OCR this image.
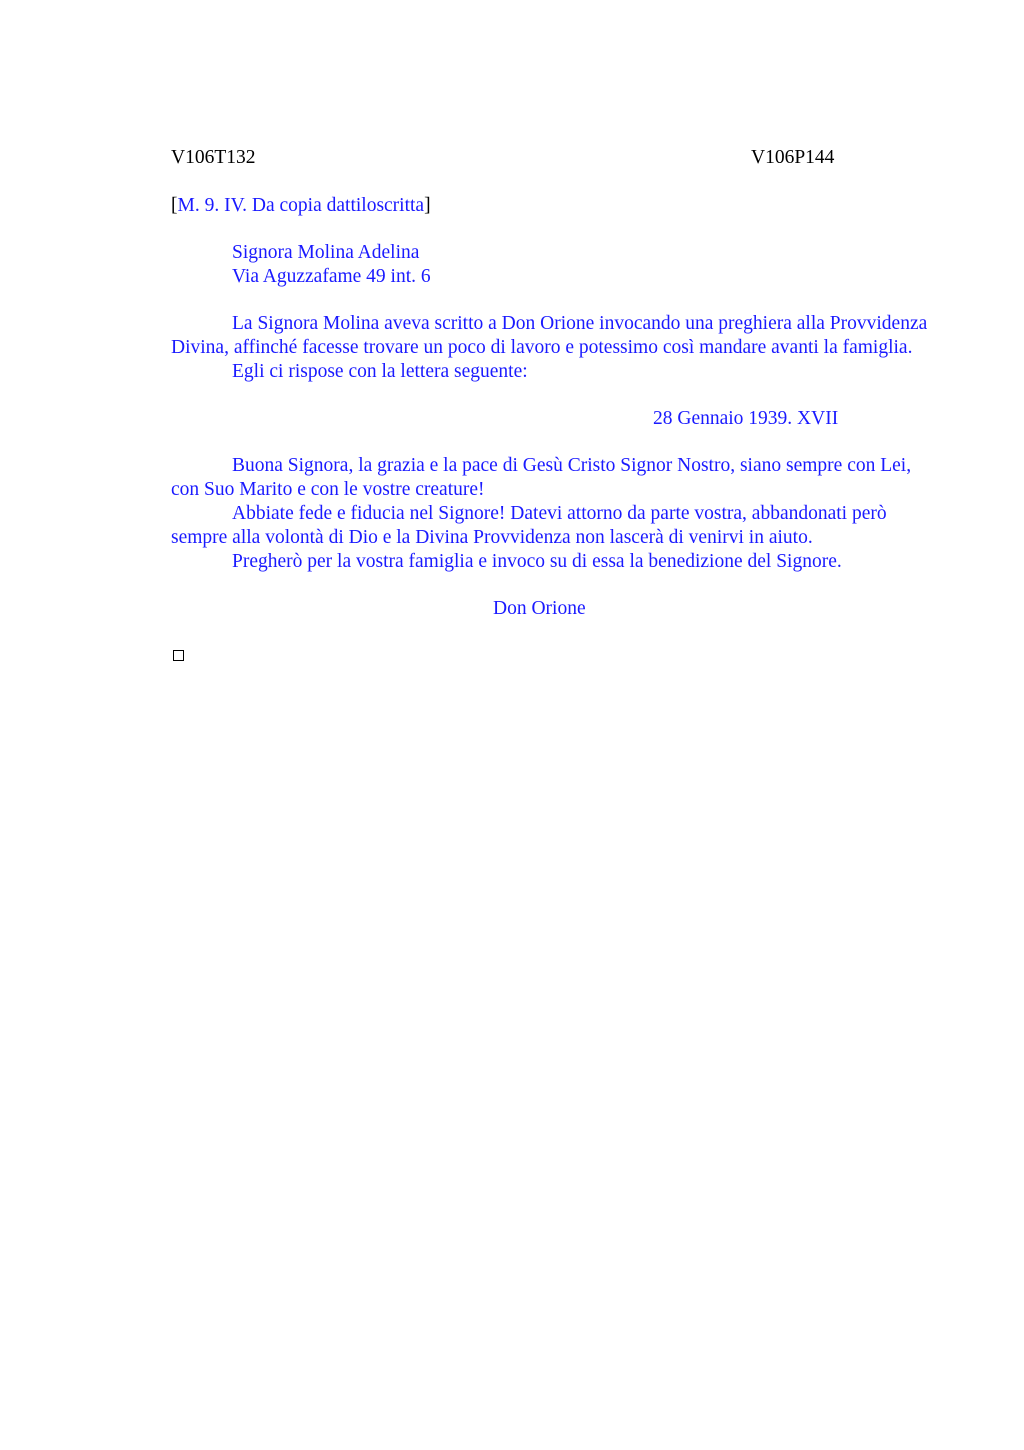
V106T132	V106P144
[M. 9. IV. Da copia dattiloscritta]
Signora Molina Adelina
Via Aguzzafame 49 int. 6

La Signora Molina aveva scritto a Don Orione invocando una preghiera alla Provvidenza Divina, affinché facesse trovare un poco di lavoro e potessimo così mandare avanti la famiglia.

Egli ci rispose con la lettera seguente:

28 Gennaio 1939. XVII

Buona Signora, la grazia e la pace di Gesù Cristo Signor Nostro, siano sempre con Lei, con Suo Marito e con le vostre creature!

Abbiate fede e fiducia nel Signore! Datevi attorno da parte vostra, abbandonati però sempre alla volontà di Dio e la Divina Provvidenza non lascerà di venirvi in aiuto.

Pregherò per la vostra famiglia e invoco su di essa la benedizione del Signore.

Don Orione
